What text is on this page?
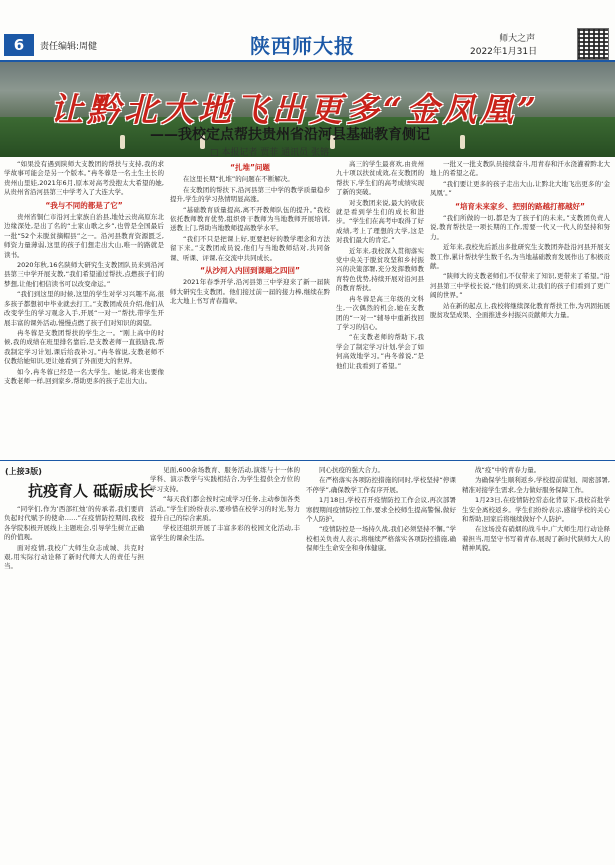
6	责任编辑:周健	陕西师大报	师大之声
2022年1月31日
让黔北大地飞出更多“金凤凰”
——我校定点帮扶贵州省沿河县基础教育侧记
□ 本报记者 贾菲 通讯员 张镕

“如果没有遇到陕师大支教团的帮扶与支持,我的求学故事可能会是另一个版本。”冉冬蓉是一名土生土长的贵州山里娃,2021年6月,原本对高考没抱太大希望的她,从贵州省沿河县第三中学考入了大连大学。

“我与不同的都是了它”

贵州省铜仁市沿河土家族自治县,地处云贵高原东北边缘深处,是出了名的“土家山歌之乡”,也曾是全国最后一批“52个未脱贫摘帽县”之一。沿河县教育资源匮乏,师资力量薄弱,这里的孩子们想走出大山,唯一的路就是读书。

2020年秋,16名陕师大研究生支教团队员来到沿河县第三中学开展支教,“我们希望通过帮扶,点燃孩子们的梦想,让他们相信读书可以改变命运。”

“我们到这里的时候,这里的学生对学习兴趣不高,很多孩子都想初中毕业就去打工。”支教团成员介绍,他们从改变学生的学习观念入手,开展“一对一”帮扶,带学生开展丰富的课外活动,慢慢点燃了孩子们对知识的渴望。

冉冬蓉是支教团帮扶的学生之一。“刚上高中的时候,我的成绩在班里排名靠后,是支教老师一直鼓励我,帮我制定学习计划,课后给我补习。”冉冬蓉说,支教老师不仅教给她知识,更让她看到了外面更大的世界。

如今,冉冬蓉已经是一名大学生。她说,将来也要像支教老师一样,回到家乡,帮助更多的孩子走出大山。

“扎堆”问题

在这里长期“扎堆”的问题在不断解决。

在支教团的帮扶下,沿河县第三中学的教学质量稳步提升,学生的学习热情明显高涨。

“基础教育质量提高,离不开教师队伍的提升。”我校依托教师教育优势,组织骨干教师为当地教师开展培训,送教上门,帮助当地教师提高教学水平。

“我们不只是把课上好,更要把好的教学理念和方法留下来。”支教团成员说,他们与当地教师结对,共同备课、听课、评课,在交流中共同成长。

“从沙河入内回到课题之四回”

2021年春季开学,沿河县第三中学迎来了新一届陕师大研究生支教团。他们接过前一届的接力棒,继续在黔北大地上书写青春篇章。

高三的学生最喜欢,由贵州九十项以扶贫成效,在支教团的帮扶下,学生们的高考成绩实现了新的突破。

对支教团来说,最大的收获就是看到学生们的成长和进步。“学生们在高考中取得了好成绩,考上了理想的大学,这是对我们最大的肯定。”

近年来,我校深入贯彻落实党中央关于脱贫攻坚和乡村振兴的决策部署,充分发挥教师教育特色优势,持续开展对沿河县的教育帮扶。

冉冬蓉是高三年级的文科生,一次偶然的机会,她在支教团的“一对一”辅导中重新找回了学习的信心。

“在支教老师的帮助下,我学会了制定学习计划,学会了如何高效地学习。”冉冬蓉说,“是他们让我看到了希望。”

一批又一批支教队员接续奋斗,用青春和汗水浇灌着黔北大地上的希望之花。

“我们要让更多的孩子走出大山,让黔北大地飞出更多的‘金凤凰’。”

“培育未来家乡、把别的路越打都越好”

“我们所做的一切,都是为了孩子们的未来。”支教团负责人说,教育帮扶是一项长期的工作,需要一代又一代人的坚持和努力。

近年来,我校先后派出多批研究生支教团奔赴沿河县开展支教工作,累计帮扶学生数千名,为当地基础教育发展作出了积极贡献。

“陕师大的支教老师们,不仅带来了知识,更带来了希望。”沿河县第三中学校长说,“他们的到来,让我们的孩子们看到了更广阔的世界。”

站在新的起点上,我校将继续深化教育帮扶工作,为巩固拓展脱贫攻坚成果、全面推进乡村振兴贡献师大力量。

(上接3版)
抗疫育人 砥砺成长

“同学们,作为‘西部红烛’的传承者,我们要肩负起时代赋予的使命……”在疫情防控期间,我校各学院积极开展线上主题班会,引导学生树立正确的价值观。

面对疫情,我校广大师生众志成城、共克时艰,用实际行动诠释了新时代师大人的责任与担当。

见面,600余场教育、服务活动,演练与十一体的学科、演示教学与实践相结合,为学生提供全方位的学习支持。

“每天我们都会按时完成学习任务,主动参加各类活动。”学生们纷纷表示,要珍惜在校学习的时光,努力提升自己的综合素质。

学校还组织开展了丰富多彩的校园文化活动,丰富学生的课余生活。

同心抗疫的强大合力。

在严格落实各项防控措施的同时,学校坚持“停课不停学”,确保教学工作有序开展。

1月18日,学校召开疫情防控工作会议,再次部署寒假期间疫情防控工作,要求全校师生提高警惕,做好个人防护。

“疫情防控是一场持久战,我们必须坚持不懈。”学校相关负责人表示,将继续严格落实各项防控措施,确保师生生命安全和身体健康。

战“疫”中的青春力量。

为确保学生顺利返乡,学校提前谋划、周密部署,精准对接学生需求,全力做好服务保障工作。

1月23日,在疫情防控常态化背景下,我校首批学生安全离校返乡。学生们纷纷表示,感谢学校的关心和帮助,回家后将继续做好个人防护。

在这场没有硝烟的战斗中,广大师生用行动诠释着担当,用坚守书写着青春,展现了新时代陕师大人的精神风貌。
